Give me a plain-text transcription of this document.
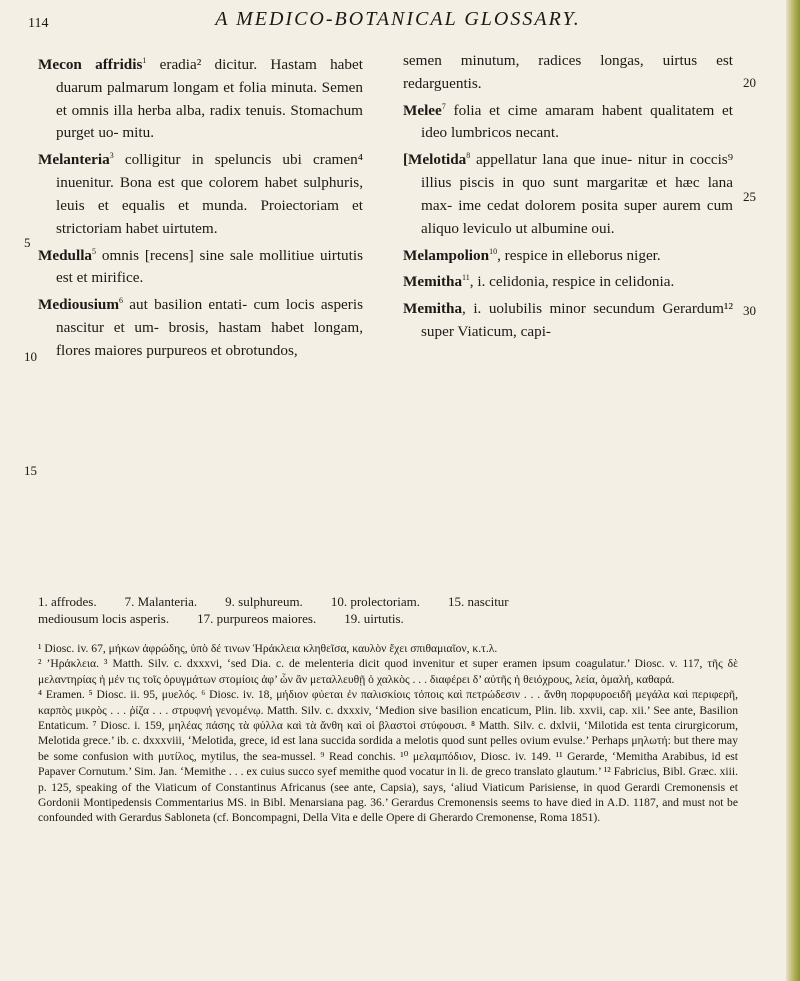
114	A MEDICO-BOTANICAL GLOSSARY.
5
10
15

Mecon affridis$^1$ eradia² dicitur. Hastam habet duarum palmarum longam et folia minuta. Semen et omnis illa herba alba, radix tenuis. Stomachum purget uo- mitu.

Melanteria$^3$ colligitur in speluncis ubi cramen⁴ inuenitur. Bona est que colorem habet sulphuris, leuis et equalis et munda. Proiectoriam et strictoriam habet uirtutem.

Medulla$^5$ omnis [recens] sine sale mollitiue uirtutis est et mirifice.

Mediousium$^6$ aut basilion entati- cum locis asperis nascitur et um- brosis, hastam habet longam, flores maiores purpureos et obrotundos,

20
25
30

semen minutum, radices longas, uirtus est redarguentis.

Melee$^7$ folia et cime amaram habent qualitatem et ideo lumbricos necant.

[Melotida$^8$ appellatur lana que inue- nitur in coccis⁹ illius piscis in quo sunt margaritæ et hæc lana max- ime cedat dolorem posita super aurem cum aliquo leviculo ut albumine oui.

Melampolion$^{10}$, respice in elleborus niger.

Memitha$^{11}$, i. celidonia, respice in celidonia.

Memitha, i. uolubilis minor secundum Gerardum¹² super Viaticum, capi-

1. affrodes. 7. Malanteria. 9. sulphureum. 10. prolectoriam. 15. nascitur
mediousum locis asperis. 17. purpureos maiores. 19. uirtutis.

¹ Diosc. iv. 67, μήκων ἀφρώδης, ὑπὸ δέ τινων Ἡράκλεια κληθεῖσα, καυλὸν ἔχει σπιθαμιαῖον, κ.τ.λ.

² ’Ηράκλεια. ³ Matth. Silv. c. dxxxvi, ‘sed Dia. c. de melenteria dicit quod invenitur et super eramen ipsum coagulatur.’ Diosc. v. 117, τῆς δὲ μελαντηρίας ἡ μέν τις τοῖς ὀρυγμάτων στομίοις ἀφ’ ὧν ἂν μεταλλευθῇ ὁ χαλκὸς . . . διαφέρει δ’ αὐτῆς ἡ θειόχρους, λεία, ὁμαλή, καθαρά.

⁴ Eramen. ⁵ Diosc. ii. 95, μυελός. ⁶ Diosc. iv. 18, μήδιον φύεται ἐν παλισκίοις τόποις καὶ πετρώδεσιν . . . ἄνθη πορφυροειδῆ μεγάλα καὶ περιφερῆ, καρπὸς μικρὸς . . . ῥίζα . . . στρυφνή γενομένῳ. Matth. Silv. c. dxxxiv, ‘Medion sive basilion encaticum, Plin. lib. xxvii, cap. xii.’ See ante, Basilion Entaticum. ⁷ Diosc. i. 159, μηλέας πάσης τὰ φύλλα καὶ τὰ ἄνθη καὶ οἱ βλαστοὶ στύφουσι. ⁸ Matth. Silv. c. dxlvii, ‘Milotida est tenta cirurgicorum, Melotida grece.’ ib. c. dxxxviii, ‘Melotida, grece, id est lana succida sordida a melotis quod sunt pelles ovium evulse.’ Perhaps μηλωτή: but there may be some confusion with μυτίλος, mytilus, the sea-mussel. ⁹ Read conchis. ¹⁰ μελαμπόδιον, Diosc. iv. 149. ¹¹ Gerarde, ‘Memitha Arabibus, id est Papaver Cornutum.’ Sim. Jan. ‘Memithe . . . ex cuius succo syef memithe quod vocatur in li. de greco translato glautum.’ ¹² Fabricius, Bibl. Græc. xiii. p. 125, speaking of the Viaticum of Constantinus Africanus (see ante, Capsia), says, ‘aliud Viaticum Parisiense, in quod Gerardi Cremonensis et Gordonii Montipedensis Commentarius MS. in Bibl. Menarsiana pag. 36.’ Gerardus Cremonensis seems to have died in A.D. 1187, and must not be confounded with Gerardus Sabloneta (cf. Boncompagni, Della Vita e delle Opere di Gherardo Cremonense, Roma 1851).
